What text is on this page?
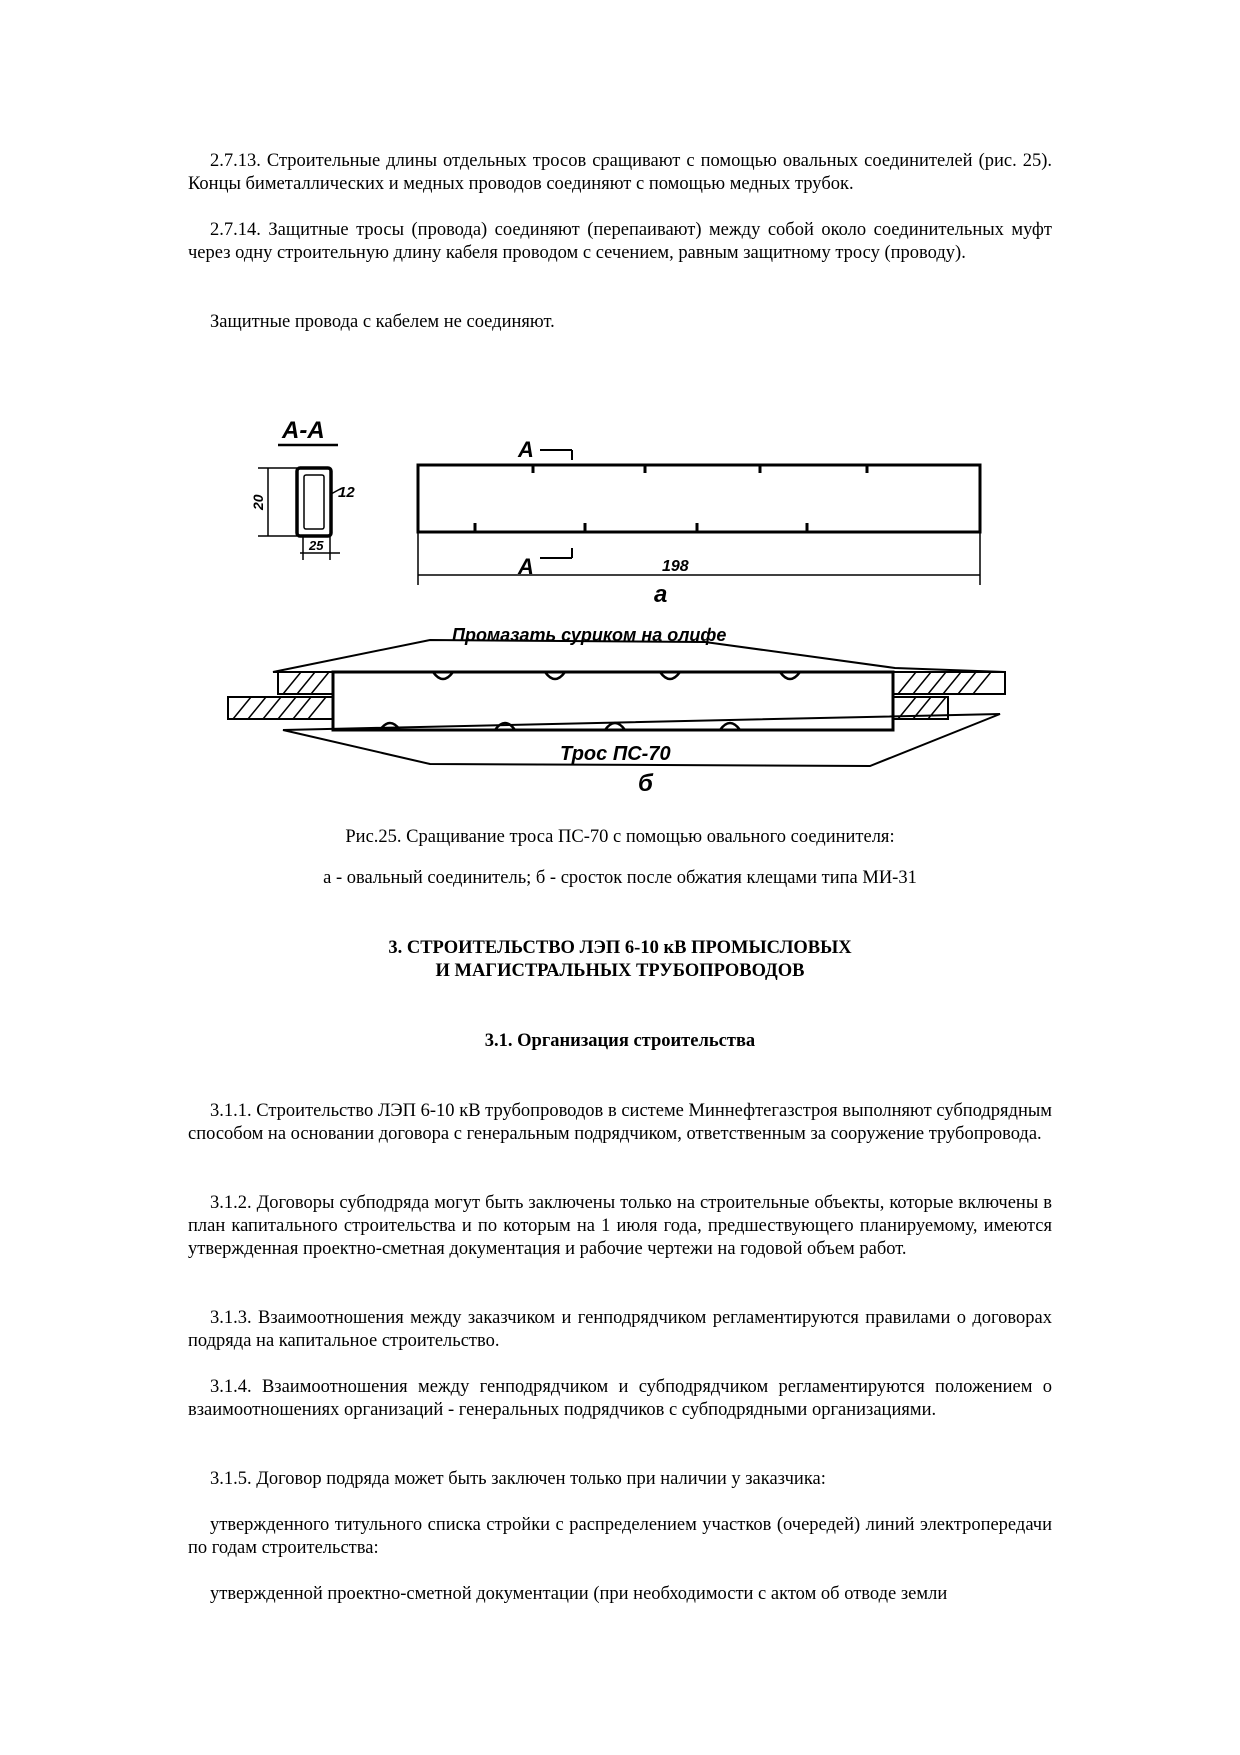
2.7.13. Строительные длины отдельных тросов сращивают с помощью овальных соединителей (рис. 25). Концы биметаллических и медных проводов соединяют с помощью медных трубок.

2.7.14. Защитные тросы (провода) соединяют (перепаивают) между собой около соединительных муфт через одну строительную длину кабеля проводом с сечением, равным защитному тросу (проводу).

Защитные провода с кабелем не соединяют.

А-А
А
А
20
12
25
198
а
Промазать суриком на олифе
Трос ПС-70
б

Рис.25. Сращивание троса ПС-70 с помощью овального соединителя:

а - овальный соединитель; б - сросток после обжатия клещами типа МИ-31

3. СТРОИТЕЛЬСТВО ЛЭП 6-10 кВ ПРОМЫСЛОВЫХ
И МАГИСТРАЛЬНЫХ ТРУБОПРОВОДОВ
3.1. Организация строительства

3.1.1. Строительство ЛЭП 6-10 кВ трубопроводов в системе Миннефтегазстроя выполняют субподрядным способом на основании договора с генеральным подрядчиком, ответственным за сооружение трубопровода.

3.1.2. Договоры субподряда могут быть заключены только на строительные объекты, которые включены в план капитального строительства и по которым на 1 июля года, предшествующего планируемому, имеются утвержденная проектно-сметная документация и рабочие чертежи на годовой объем работ.

3.1.3. Взаимоотношения между заказчиком и генподрядчиком регламентируются правилами о договорах подряда на капитальное строительство.

3.1.4. Взаимоотношения между генподрядчиком и субподрядчиком регламентируются положением о взаимоотношениях организаций - генеральных подрядчиков с субподрядными организациями.

3.1.5. Договор подряда может быть заключен только при наличии у заказчика:

утвержденного титульного списка стройки с распределением участков (очередей) линий электропередачи по годам строительства:

утвержденной проектно-сметной документации (при необходимости с актом об отводе земли
